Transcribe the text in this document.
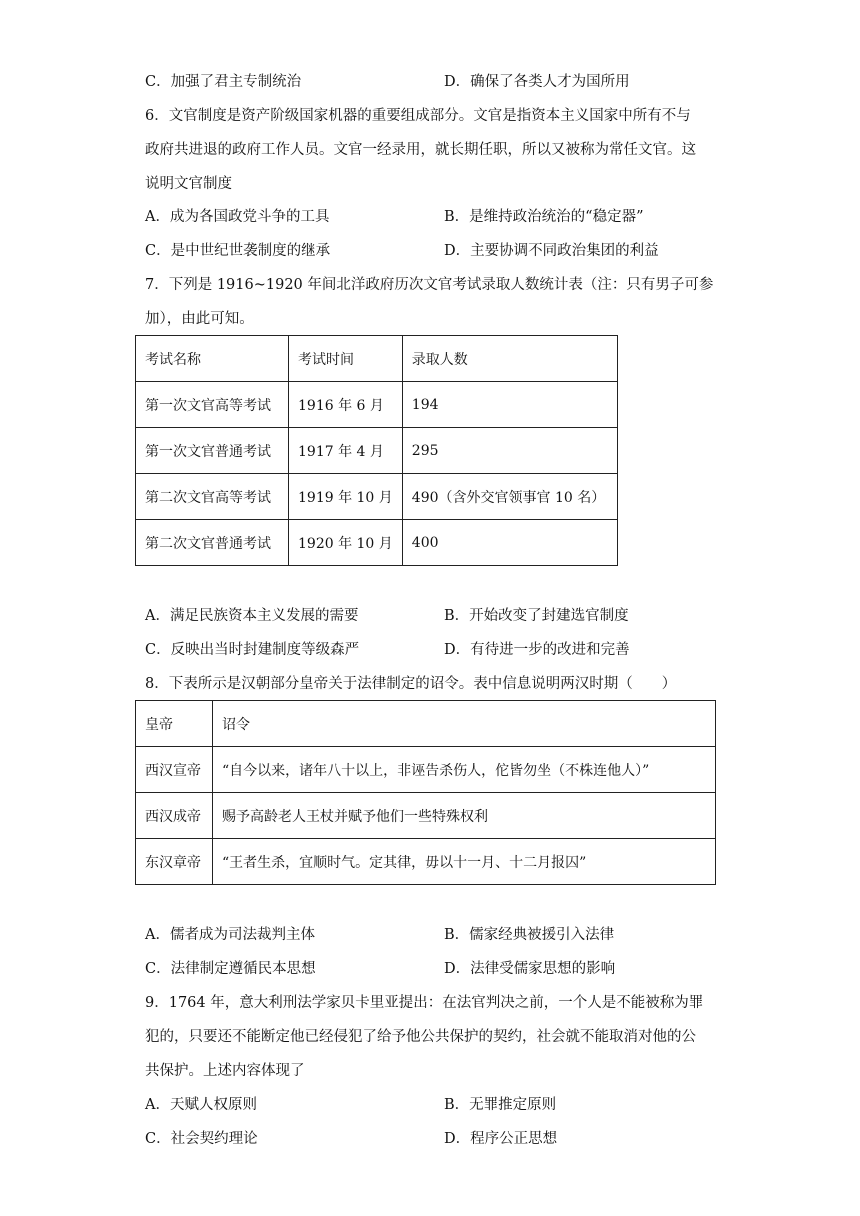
C．加强了君主专制统治	D．确保了各类人才为国所用
6．文官制度是资产阶级国家机器的重要组成部分。文官是指资本主义国家中所有不与
政府共进退的政府工作人员。文官一经录用，就长期任职，所以又被称为常任文官。这
说明文官制度
A．成为各国政党斗争的工具	B．是维持政治统治的“稳定器”
C．是中世纪世袭制度的继承	D．主要协调不同政治集团的利益
7．下列是 1916~1920 年间北洋政府历次文官考试录取人数统计表（注：只有男子可参
加），由此可知。
考试名称	考试时间	录取人数
第一次文官高等考试	1916 年 6 月	194
第一次文官普通考试	1917 年 4 月	295
第二次文官高等考试	1919 年 10 月	490（含外交官领事官 10 名）
第二次文官普通考试	1920 年 10 月	400
A．满足民族资本主义发展的需要	B．开始改变了封建选官制度
C．反映出当时封建制度等级森严	D．有待进一步的改进和完善
8．下表所示是汉朝部分皇帝关于法律制定的诏令。表中信息说明两汉时期（　　）
皇帝	诏令
西汉宣帝	“自今以来，诸年八十以上，非诬告杀伤人，佗皆勿坐（不株连他人）”
西汉成帝	赐予高龄老人王杖并赋予他们一些特殊权利
东汉章帝	“王者生杀，宜顺时气。定其律，毋以十一月、十二月报囚”
A．儒者成为司法裁判主体	B．儒家经典被援引入法律
C．法律制定遵循民本思想	D．法律受儒家思想的影响
9．1764 年，意大利刑法学家贝卡里亚提出：在法官判决之前，一个人是不能被称为罪
犯的，只要还不能断定他已经侵犯了给予他公共保护的契约，社会就不能取消对他的公
共保护。上述内容体现了
A．天赋人权原则	B．无罪推定原则
C．社会契约理论	D．程序公正思想
